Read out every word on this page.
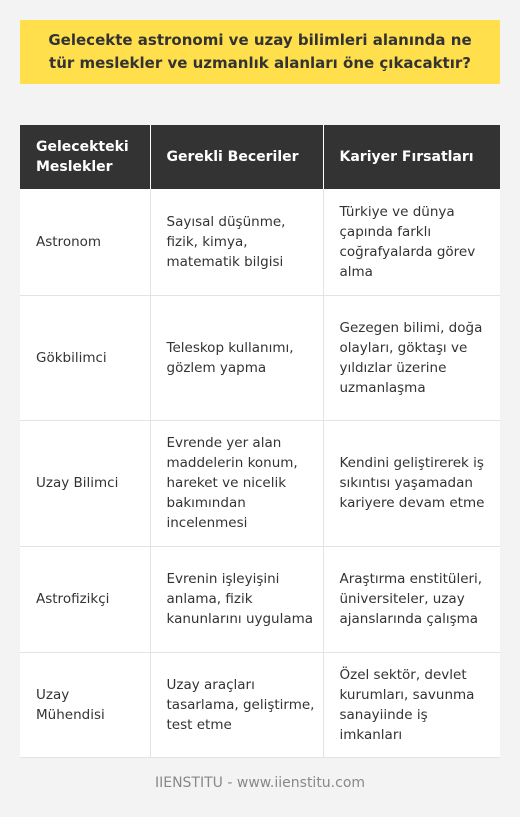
Gelecekte astronomi ve uzay bilimleri alanında ne tür meslekler ve uzmanlık alanları öne çıkacaktır?
Gelecekteki Meslekler	Gerekli Beceriler	Kariyer Fırsatları
Astronom	Sayısal düşünme, fizik, kimya, matematik bilgisi	Türkiye ve dünya çapında farklı coğrafyalarda görev alma
Gökbilimci	Teleskop kullanımı, gözlem yapma	Gezegen bilimi, doğa olayları, göktaşı ve yıldızlar üzerine uzmanlaşma
Uzay Bilimci	Evrende yer alan maddelerin konum, hareket ve nicelik bakımından incelenmesi	Kendini geliştirerek iş sıkıntısı yaşamadan kariyere devam etme
Astrofizikçi	Evrenin işleyişini anlama, fizik kanunlarını uygulama	Araştırma enstitüleri, üniversiteler, uzay ajanslarında çalışma
Uzay Mühendisi	Uzay araçları tasarlama, geliştirme, test etme	Özel sektör, devlet kurumları, savunma sanayiinde iş imkanları
IIENSTITU - www.iienstitu.com
